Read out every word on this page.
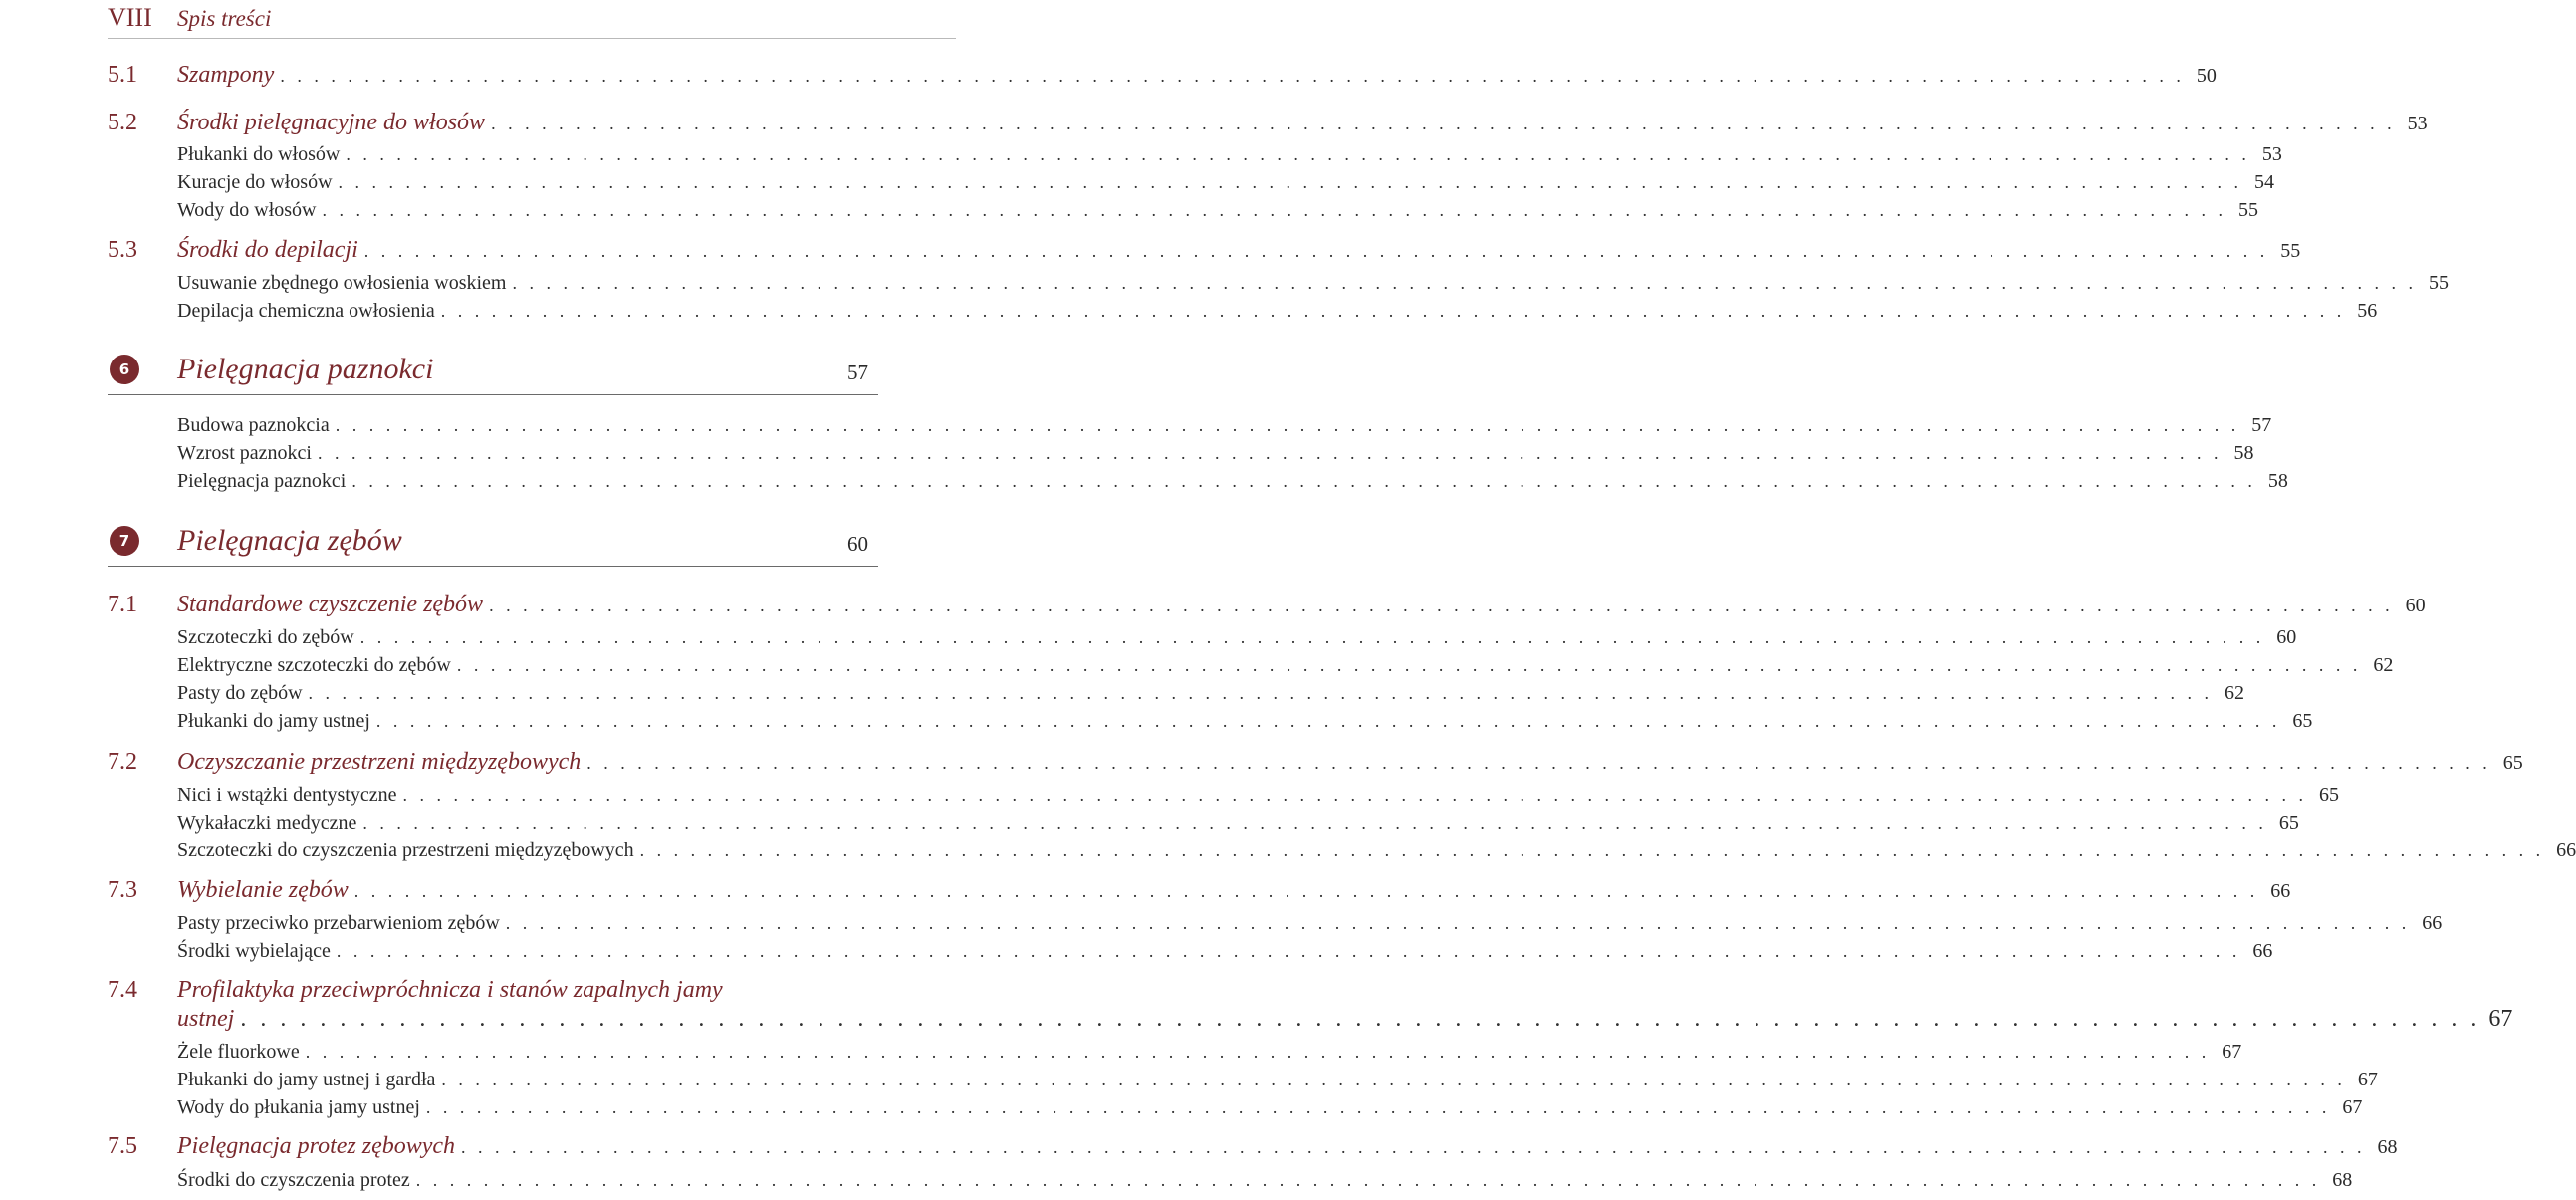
VIII Spis treści
5.1	Szampony . . . . . . . . . . . . . . . . . . . . . . . . . . . . . . . . . . . . . . . . . . . . . . . . . . . . . . . . . . . . . . . . . . . . . . . . . . . . . . . . . . . . . . . . . . . . . . . . . . . . . . . . . . . . . . . . . 50
5.2	Środki pielęgnacyjne do włosów . . . . . . . . . . . . . . . . . . . . . . . . . . . . . . . . . . . . . . . . . . . . . . . . . . . . . . . . . . . . . . . . . . . . . . . . . . . . . . . . . . . . . . . . . . . . . . . . . . . . . . . . . . . . . . . . . 53
Płukanki do włosów . . . . . . . . . . . . . . . . . . . . . . . . . . . . . . . . . . . . . . . . . . . . . . . . . . . . . . . . . . . . . . . . . . . . . . . . . . . . . . . . . . . . . . . . . . . . . . . . . . . . . . . . . . . . . . . . . 53
Kuracje do włosów . . . . . . . . . . . . . . . . . . . . . . . . . . . . . . . . . . . . . . . . . . . . . . . . . . . . . . . . . . . . . . . . . . . . . . . . . . . . . . . . . . . . . . . . . . . . . . . . . . . . . . . . . . . . . . . . . 54
Wody do włosów . . . . . . . . . . . . . . . . . . . . . . . . . . . . . . . . . . . . . . . . . . . . . . . . . . . . . . . . . . . . . . . . . . . . . . . . . . . . . . . . . . . . . . . . . . . . . . . . . . . . . . . . . . . . . . . . . 55
5.3	Środki do depilacji . . . . . . . . . . . . . . . . . . . . . . . . . . . . . . . . . . . . . . . . . . . . . . . . . . . . . . . . . . . . . . . . . . . . . . . . . . . . . . . . . . . . . . . . . . . . . . . . . . . . . . . . . . . . . . . . . 55
Usuwanie zbędnego owłosienia woskiem . . . . . . . . . . . . . . . . . . . . . . . . . . . . . . . . . . . . . . . . . . . . . . . . . . . . . . . . . . . . . . . . . . . . . . . . . . . . . . . . . . . . . . . . . . . . . . . . . . . . . . . . . . . . . . . . . 55
Depilacja chemiczna owłosienia . . . . . . . . . . . . . . . . . . . . . . . . . . . . . . . . . . . . . . . . . . . . . . . . . . . . . . . . . . . . . . . . . . . . . . . . . . . . . . . . . . . . . . . . . . . . . . . . . . . . . . . . . . . . . . . . . 56
6	Pielęgnacja paznokci	57
Budowa paznokcia . . . . . . . . . . . . . . . . . . . . . . . . . . . . . . . . . . . . . . . . . . . . . . . . . . . . . . . . . . . . . . . . . . . . . . . . . . . . . . . . . . . . . . . . . . . . . . . . . . . . . . . . . . . . . . . . . 57
Wzrost paznokci . . . . . . . . . . . . . . . . . . . . . . . . . . . . . . . . . . . . . . . . . . . . . . . . . . . . . . . . . . . . . . . . . . . . . . . . . . . . . . . . . . . . . . . . . . . . . . . . . . . . . . . . . . . . . . . . . 58
Pielęgnacja paznokci . . . . . . . . . . . . . . . . . . . . . . . . . . . . . . . . . . . . . . . . . . . . . . . . . . . . . . . . . . . . . . . . . . . . . . . . . . . . . . . . . . . . . . . . . . . . . . . . . . . . . . . . . . . . . . . . . 58
7	Pielęgnacja zębów	60
7.1	Standardowe czyszczenie zębów . . . . . . . . . . . . . . . . . . . . . . . . . . . . . . . . . . . . . . . . . . . . . . . . . . . . . . . . . . . . . . . . . . . . . . . . . . . . . . . . . . . . . . . . . . . . . . . . . . . . . . . . . . . . . . . . . 60
Szczoteczki do zębów . . . . . . . . . . . . . . . . . . . . . . . . . . . . . . . . . . . . . . . . . . . . . . . . . . . . . . . . . . . . . . . . . . . . . . . . . . . . . . . . . . . . . . . . . . . . . . . . . . . . . . . . . . . . . . . . . 60
Elektryczne szczoteczki do zębów . . . . . . . . . . . . . . . . . . . . . . . . . . . . . . . . . . . . . . . . . . . . . . . . . . . . . . . . . . . . . . . . . . . . . . . . . . . . . . . . . . . . . . . . . . . . . . . . . . . . . . . . . . . . . . . . . 62
Pasty do zębów . . . . . . . . . . . . . . . . . . . . . . . . . . . . . . . . . . . . . . . . . . . . . . . . . . . . . . . . . . . . . . . . . . . . . . . . . . . . . . . . . . . . . . . . . . . . . . . . . . . . . . . . . . . . . . . . . 62
Płukanki do jamy ustnej . . . . . . . . . . . . . . . . . . . . . . . . . . . . . . . . . . . . . . . . . . . . . . . . . . . . . . . . . . . . . . . . . . . . . . . . . . . . . . . . . . . . . . . . . . . . . . . . . . . . . . . . . . . . . . . . . 65
7.2	Oczyszczanie przestrzeni międzyzębowych . . . . . . . . . . . . . . . . . . . . . . . . . . . . . . . . . . . . . . . . . . . . . . . . . . . . . . . . . . . . . . . . . . . . . . . . . . . . . . . . . . . . . . . . . . . . . . . . . . . . . . . . . . . . . . . . . 65
Nici i wstążki dentystyczne . . . . . . . . . . . . . . . . . . . . . . . . . . . . . . . . . . . . . . . . . . . . . . . . . . . . . . . . . . . . . . . . . . . . . . . . . . . . . . . . . . . . . . . . . . . . . . . . . . . . . . . . . . . . . . . . . 65
Wykałaczki medyczne . . . . . . . . . . . . . . . . . . . . . . . . . . . . . . . . . . . . . . . . . . . . . . . . . . . . . . . . . . . . . . . . . . . . . . . . . . . . . . . . . . . . . . . . . . . . . . . . . . . . . . . . . . . . . . . . . 65
Szczoteczki do czyszczenia przestrzeni międzyzębowych . . . . . . . . . . . . . . . . . . . . . . . . . . . . . . . . . . . . . . . . . . . . . . . . . . . . . . . . . . . . . . . . . . . . . . . . . . . . . . . . . . . . . . . . . . . . . . . . . . . . . . . . . . . . . . . . . 66
7.3	Wybielanie zębów . . . . . . . . . . . . . . . . . . . . . . . . . . . . . . . . . . . . . . . . . . . . . . . . . . . . . . . . . . . . . . . . . . . . . . . . . . . . . . . . . . . . . . . . . . . . . . . . . . . . . . . . . . . . . . . . . 66
Pasty przeciwko przebarwieniom zębów . . . . . . . . . . . . . . . . . . . . . . . . . . . . . . . . . . . . . . . . . . . . . . . . . . . . . . . . . . . . . . . . . . . . . . . . . . . . . . . . . . . . . . . . . . . . . . . . . . . . . . . . . . . . . . . . . 66
Środki wybielające . . . . . . . . . . . . . . . . . . . . . . . . . . . . . . . . . . . . . . . . . . . . . . . . . . . . . . . . . . . . . . . . . . . . . . . . . . . . . . . . . . . . . . . . . . . . . . . . . . . . . . . . . . . . . . . . . 66
7.4	Profilaktyka przeciwpróchnicza i stanów zapalnych jamy
ustnej . . . . . . . . . . . . . . . . . . . . . . . . . . . . . . . . . . . . . . . . . . . . . . . . . . . . . . . . . . . . . . . . . . . . . . . . . . . . . . . . . . . . . . . . . . . . . . . . . . . . . . . . . . . . . . . . . 67
Żele fluorkowe . . . . . . . . . . . . . . . . . . . . . . . . . . . . . . . . . . . . . . . . . . . . . . . . . . . . . . . . . . . . . . . . . . . . . . . . . . . . . . . . . . . . . . . . . . . . . . . . . . . . . . . . . . . . . . . . . 67
Płukanki do jamy ustnej i gardła . . . . . . . . . . . . . . . . . . . . . . . . . . . . . . . . . . . . . . . . . . . . . . . . . . . . . . . . . . . . . . . . . . . . . . . . . . . . . . . . . . . . . . . . . . . . . . . . . . . . . . . . . . . . . . . . . 67
Wody do płukania jamy ustnej . . . . . . . . . . . . . . . . . . . . . . . . . . . . . . . . . . . . . . . . . . . . . . . . . . . . . . . . . . . . . . . . . . . . . . . . . . . . . . . . . . . . . . . . . . . . . . . . . . . . . . . . . . . . . . . . . 67
7.5	Pielęgnacja protez zębowych . . . . . . . . . . . . . . . . . . . . . . . . . . . . . . . . . . . . . . . . . . . . . . . . . . . . . . . . . . . . . . . . . . . . . . . . . . . . . . . . . . . . . . . . . . . . . . . . . . . . . . . . . . . . . . . . . 68
Środki do czyszczenia protez . . . . . . . . . . . . . . . . . . . . . . . . . . . . . . . . . . . . . . . . . . . . . . . . . . . . . . . . . . . . . . . . . . . . . . . . . . . . . . . . . . . . . . . . . . . . . . . . . . . . . . . . . . . . . . . . . 68
